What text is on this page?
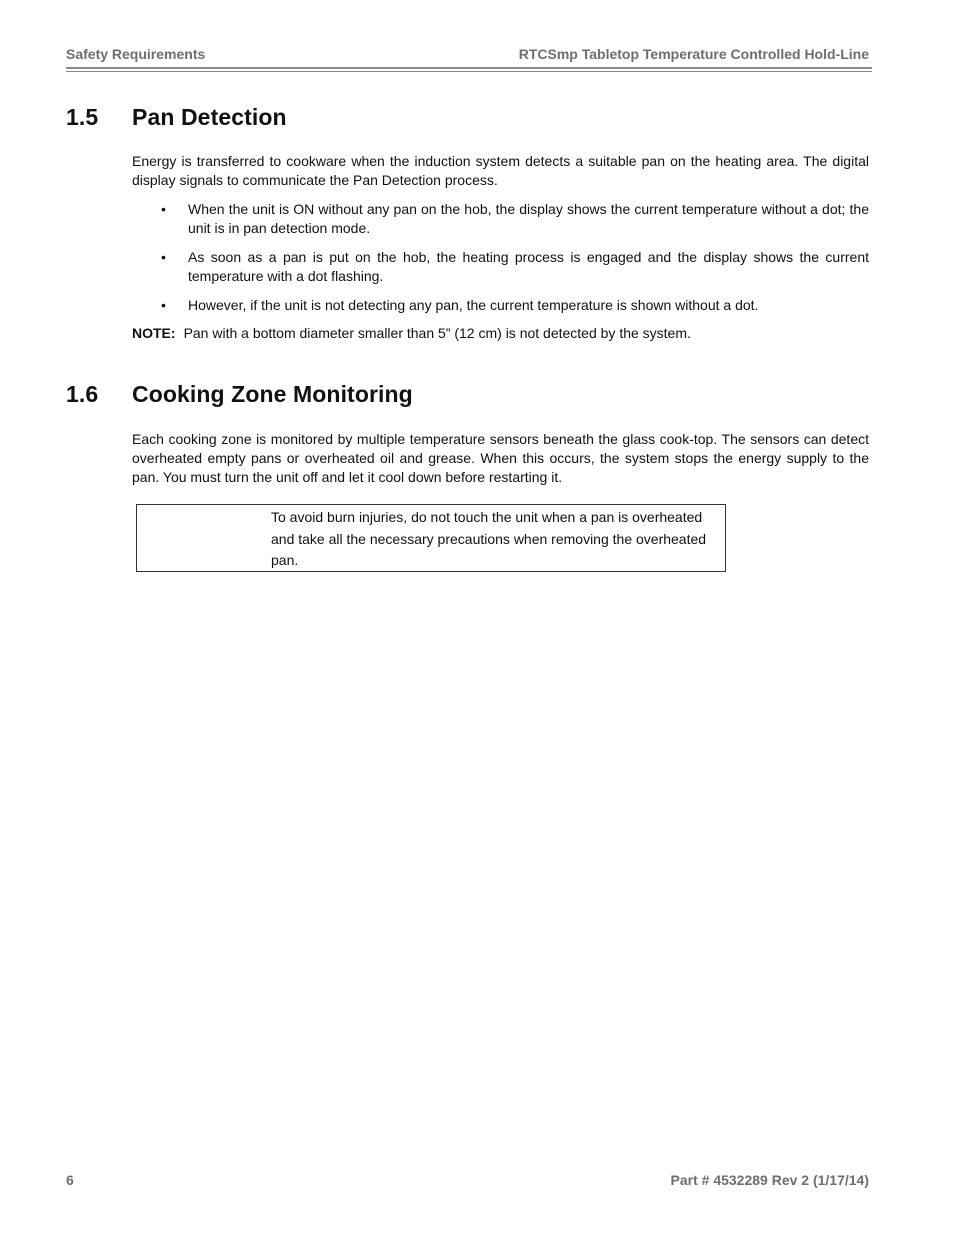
Safety Requirements	RTCSmp Tabletop Temperature Controlled Hold-Line
1.5 Pan Detection

Energy is transferred to cookware when the induction system detects a suitable pan on the heating area. The digital display signals to communicate the Pan Detection process.

• When the unit is ON without any pan on the hob, the display shows the current temperature without a dot; the unit is in pan detection mode.
• As soon as a pan is put on the hob, the heating process is engaged and the display shows the current temperature with a dot flashing.
• However, if the unit is not detecting any pan, the current temperature is shown without a dot.
NOTE: Pan with a bottom diameter smaller than 5” (12 cm) is not detected by the system.
1.6 Cooking Zone Monitoring

Each cooking zone is monitored by multiple temperature sensors beneath the glass cook-top. The sensors can detect overheated empty pans or overheated oil and grease. When this occurs, the system stops the energy supply to the pan. You must turn the unit off and let it cool down before restarting it.

To avoid burn injuries, do not touch the unit when a pan is overheated and take all the necessary precautions when removing the overheated pan.

6	Part # 4532289 Rev 2 (1/17/14)
